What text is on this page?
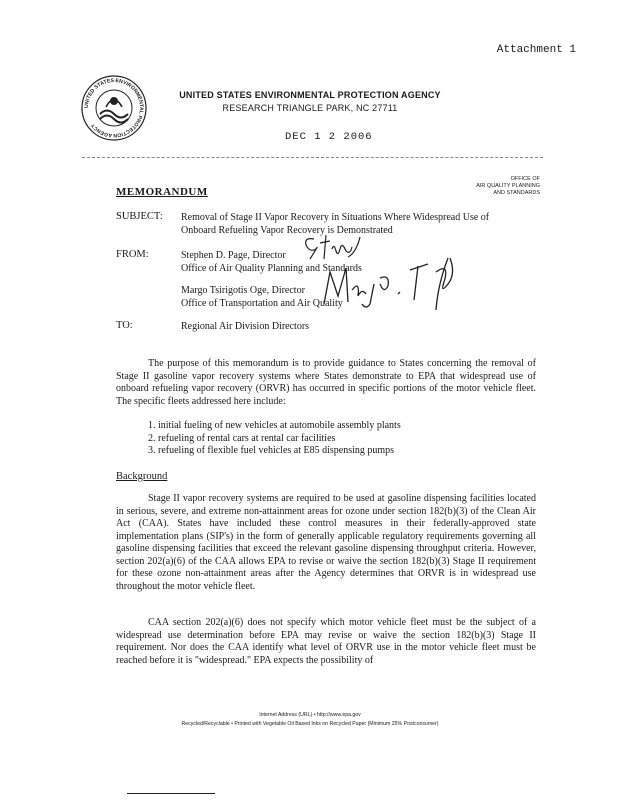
Attachment 1
UNITED STATES ENVIRONMENTAL PROTECTION AGENCY
UNITED STATES ENVIRONMENTAL PROTECTION AGENCY
RESEARCH TRIANGLE PARK, NC 27711
DEC 1 2 2006
OFFICE OF
AIR QUALITY PLANNING
AND STANDARDS
MEMORANDUM
SUBJECT: Removal of Stage II Vapor Recovery in Situations Where Widespread Use of
Onboard Refueling Vapor Recovery is Demonstrated
FROM:	Stephen D. Page, Director
Office of Air Quality Planning and Standards
Margo Tsirigotis Oge, Director
Office of Transportation and Air Quality
TO:	Regional Air Division Directors
The purpose of this memorandum is to provide guidance to States concerning the removal of Stage II gasoline vapor recovery systems where States demonstrate to EPA that widespread use of onboard refueling vapor recovery (ORVR) has occurred in specific portions of the motor vehicle fleet. The specific fleets addressed here include:
1. initial fueling of new vehicles at automobile assembly plants
2. refueling of rental cars at rental car facilities
3. refueling of flexible fuel vehicles at E85 dispensing pumps
Background
Stage II vapor recovery systems are required to be used at gasoline dispensing facilities located in serious, severe, and extreme non-attainment areas for ozone under section 182(b)(3) of the Clean Air Act (CAA). States have included these control measures in their federally-approved state implementation plans (SIP's) in the form of generally applicable regulatory requirements governing all gasoline dispensing facilities that exceed the relevant gasoline dispensing throughput criteria. However, section 202(a)(6) of the CAA allows EPA to revise or waive the section 182(b)(3) Stage II requirement for these ozone non-attainment areas after the Agency determines that ORVR is in widespread use throughout the motor vehicle fleet.
CAA section 202(a)(6) does not specify which motor vehicle fleet must be the subject of a widespread use determination before EPA may revise or waive the section 182(b)(3) Stage II requirement. Nor does the CAA identify what level of ORVR use in the motor vehicle fleet must be reached before it is "widespread." EPA expects the possibility of
Internet Address (URL) • http://www.epa.gov
Recycled/Recyclable • Printed with Vegetable Oil Based Inks on Recycled Paper (Minimum 25% Postconsumer)
